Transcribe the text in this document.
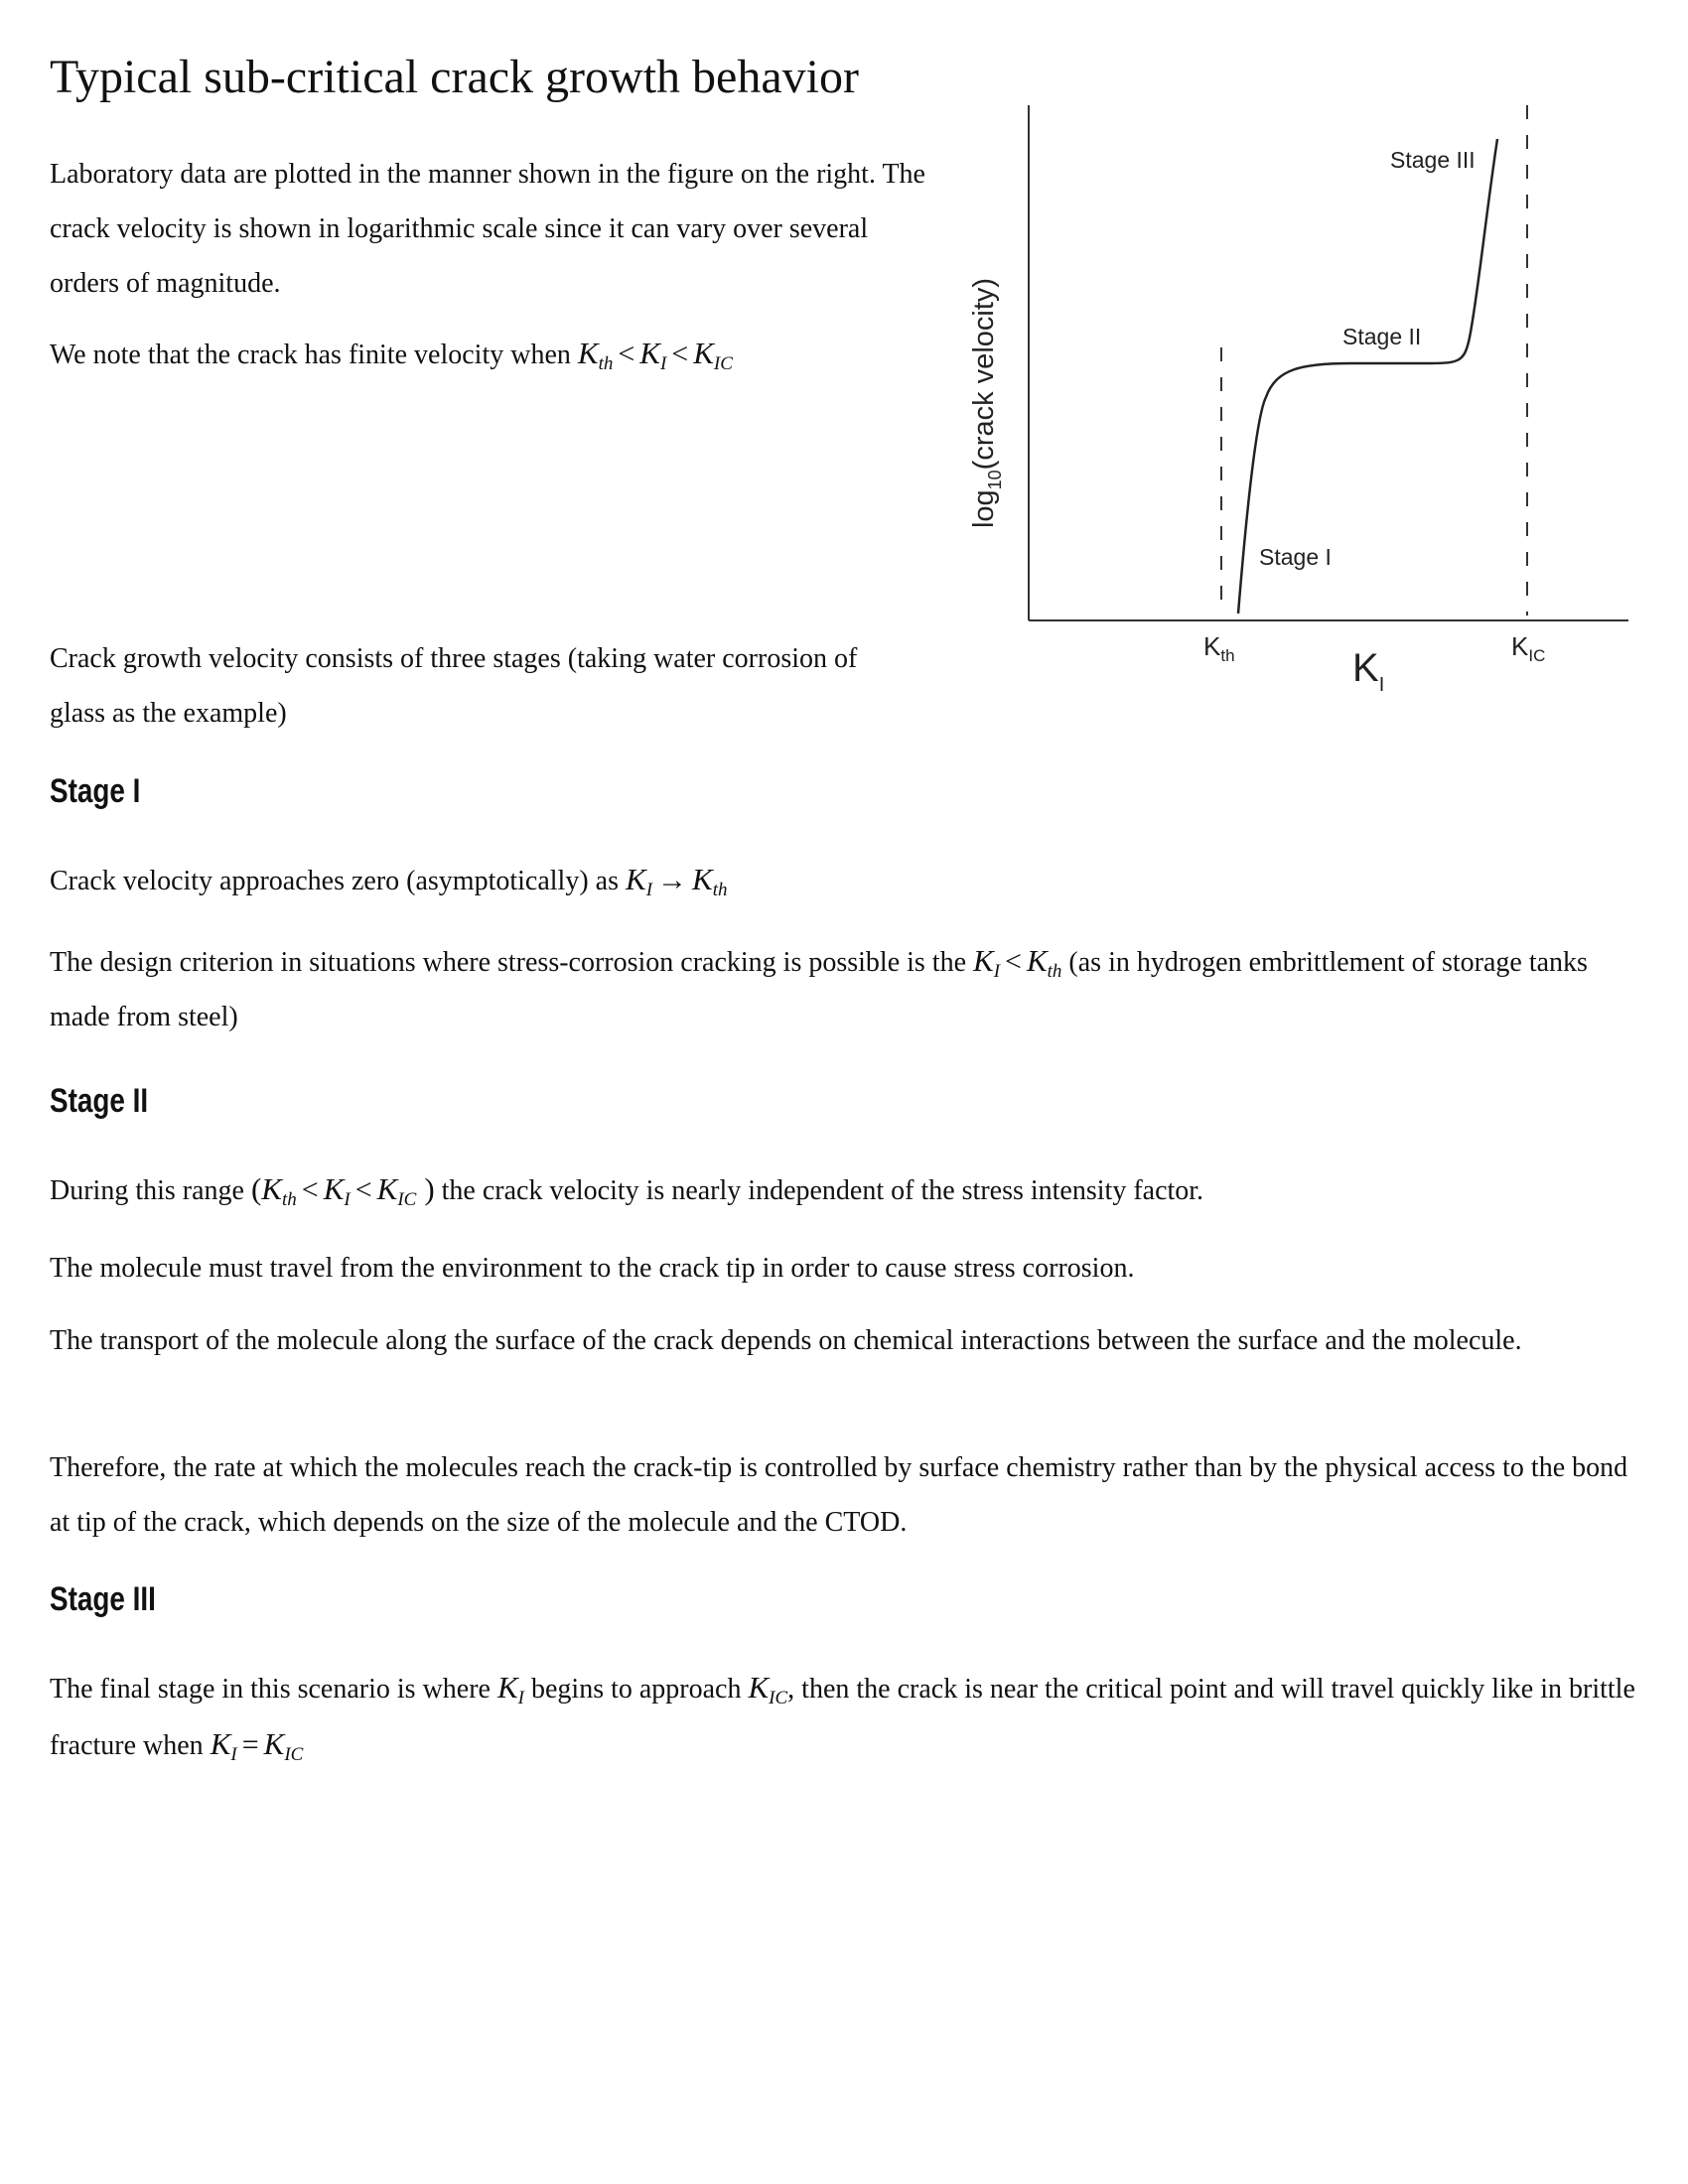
Typical sub-critical crack growth behavior

Laboratory data are plotted in the manner shown in the figure on the right. The crack velocity is shown in logarithmic scale since it can vary over several orders of magnitude.

We note that the crack has finite velocity when $K_{th} < K_I < K_{IC}$

Crack growth velocity consists of three stages (taking water corrosion of glass as the example)

Stage I

Crack velocity approaches zero (asymptotically) as $K_I \to K_{th}$

The design criterion in situations where stress-corrosion cracking is possible is the $K_I < K_{th}$ (as in hydrogen embrittlement of storage tanks made from steel)

Stage II

During this range ($K_{th} < K_I < K_{IC}$ ) the crack velocity is nearly independent of the stress intensity factor.

The molecule must travel from the environment to the crack tip in order to cause stress corrosion.

The transport of the molecule along the surface of the crack depends on chemical interactions between the surface and the molecule.

Therefore, the rate at which the molecules reach the crack-tip is controlled by surface chemistry rather than by the physical access to the bond at tip of the crack, which depends on the size of the molecule and the CTOD.

Stage III

The final stage in this scenario is where $K_I$ begins to approach $K_{IC}$, then the crack is near the critical point and will travel quickly like in brittle fracture when $K_I = K_{IC}$

$\log_{10}(crack$ velocity)
$K_{th}$	$K_{IC}$
$K_I$
Stage I
Stage II
Stage III
